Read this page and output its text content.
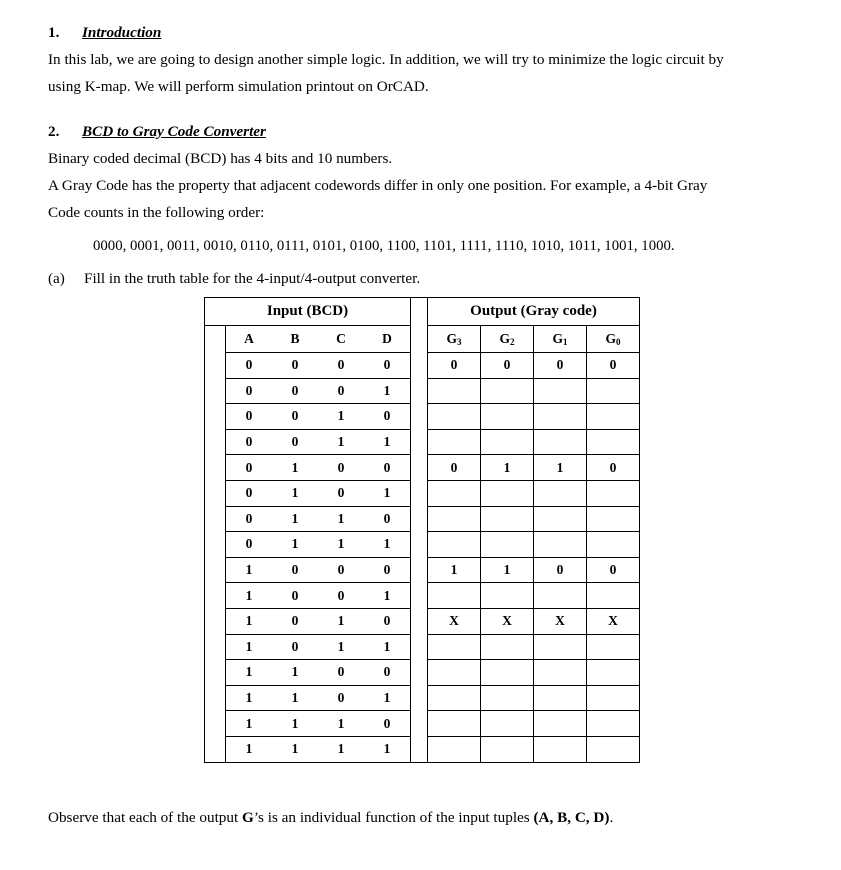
1. Introduction
In this lab, we are going to design another simple logic. In addition, we will try to minimize the logic circuit by
using K-map. We will perform simulation printout on OrCAD.
2. BCD to Gray Code Converter
Binary coded decimal (BCD) has 4 bits and 10 numbers.
A Gray Code has the property that adjacent codewords differ in only one position. For example, a 4-bit Gray
Code counts in the following order:
0000, 0001, 0011, 0010, 0110, 0111, 0101, 0100, 1100, 1101, 1111, 1110, 1010, 1011, 1001, 1000.
(a) Fill in the truth table for the 4-input/4-output converter.
Input (BCD)						Output (Gray code)			
	A	B	C	D		$G_3$	$G_2$	$G_1$	$G_0$
	0	0	0	0		0	0	0	0
	0	0	0	1					
	0	0	1	0					
	0	0	1	1					
	0	1	0	0		0	1	1	0
	0	1	0	1					
	0	1	1	0					
	0	1	1	1					
	1	0	0	0		1	1	0	0
	1	0	0	1					
	1	0	1	0		X	X	X	X
	1	0	1	1					
	1	1	0	0					
	1	1	0	1					
	1	1	1	0					
	1	1	1	1					
Observe that each of the output G’s is an individual function of the input tuples (A, B, C, D).
